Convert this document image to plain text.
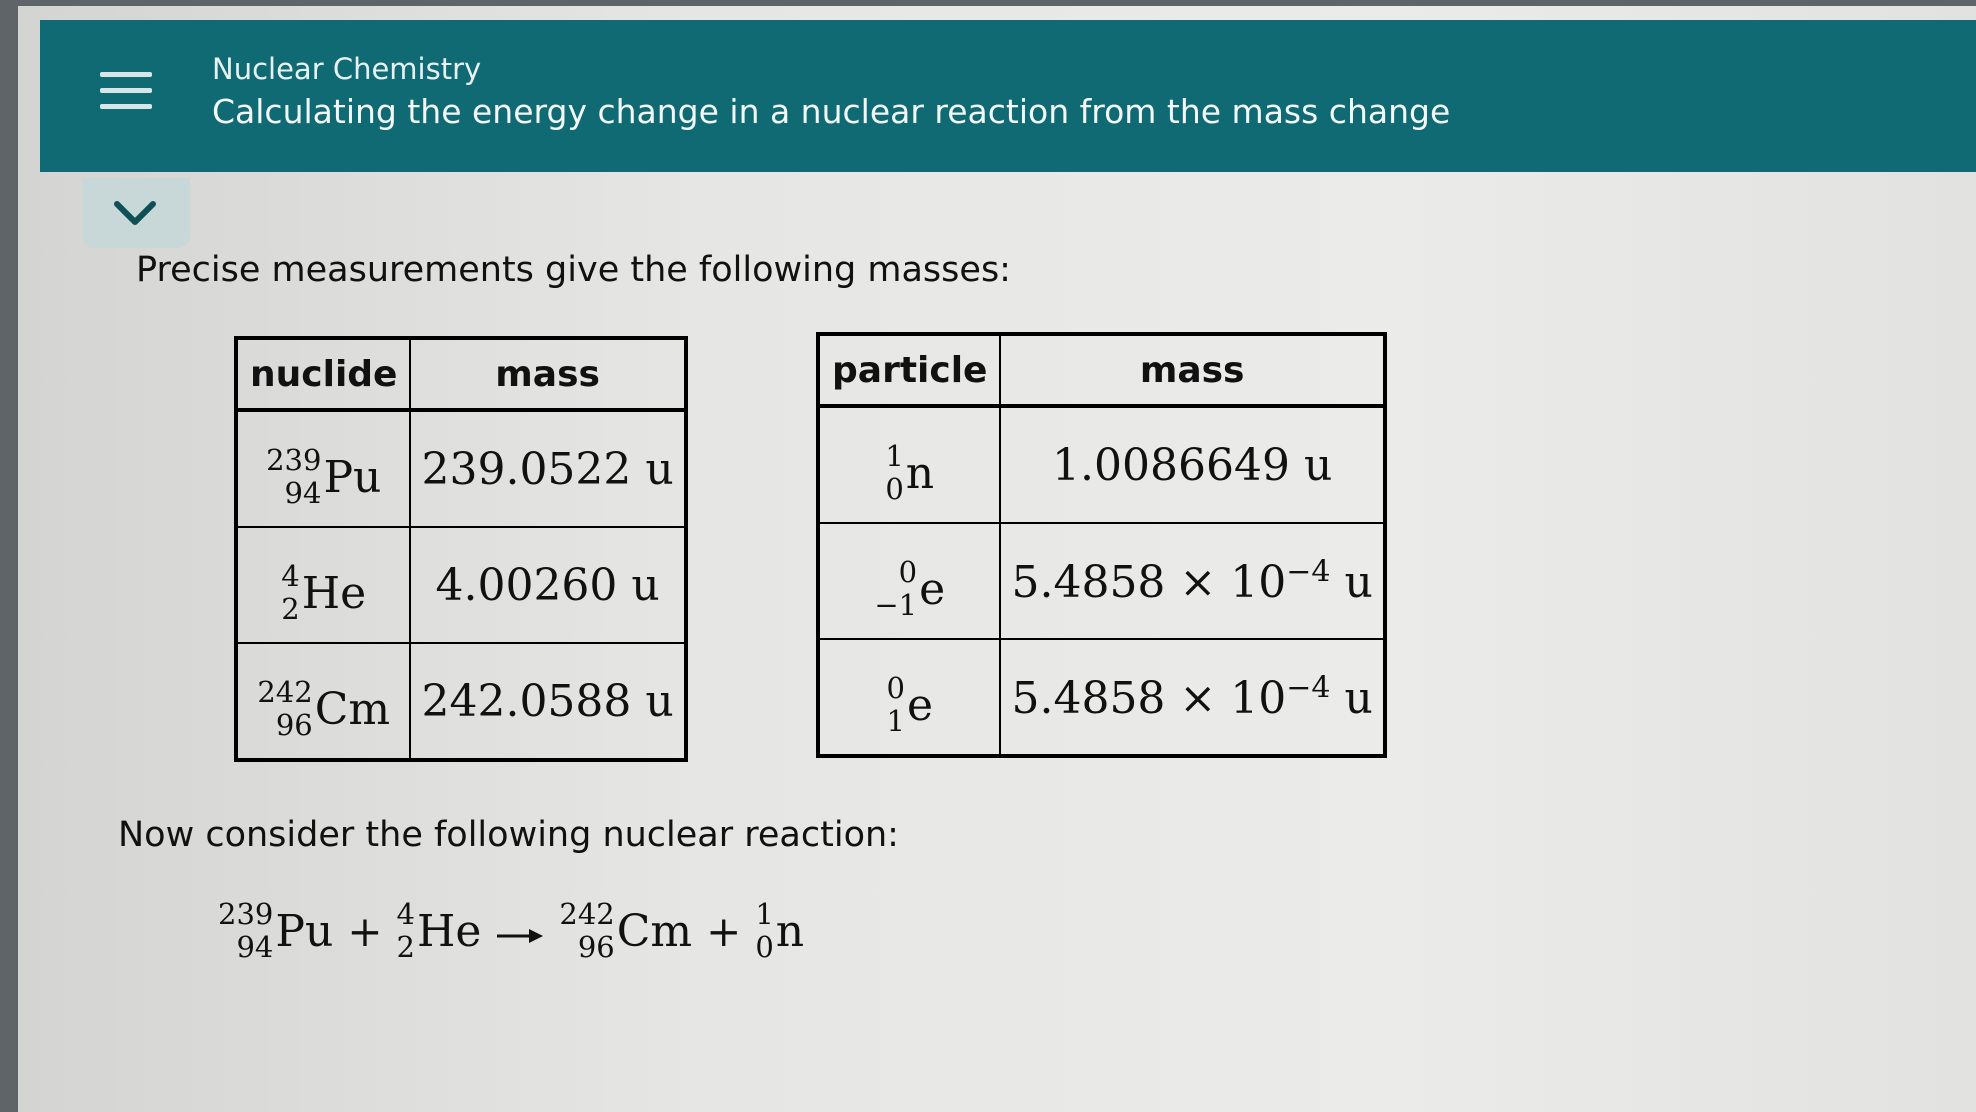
Nuclear Chemistry
Calculating the energy change in a nuclear reaction from the mass change
Precise measurements give the following masses:
nuclide	mass

239
94 Pu	239.0522 u

4
2 He	4.00260 u

242
96 Cm	242.0588 u
particle	mass

1
0 n	1.0086649 u

0
−1 e	$5.4858 \times 10^{-4}$ u

0
1 e	$5.4858 \times 10^{-4}$ u
Now consider the following nuclear reaction:
239
94 Pu + 4
2 He	242
96 Cm + 1
0 n
